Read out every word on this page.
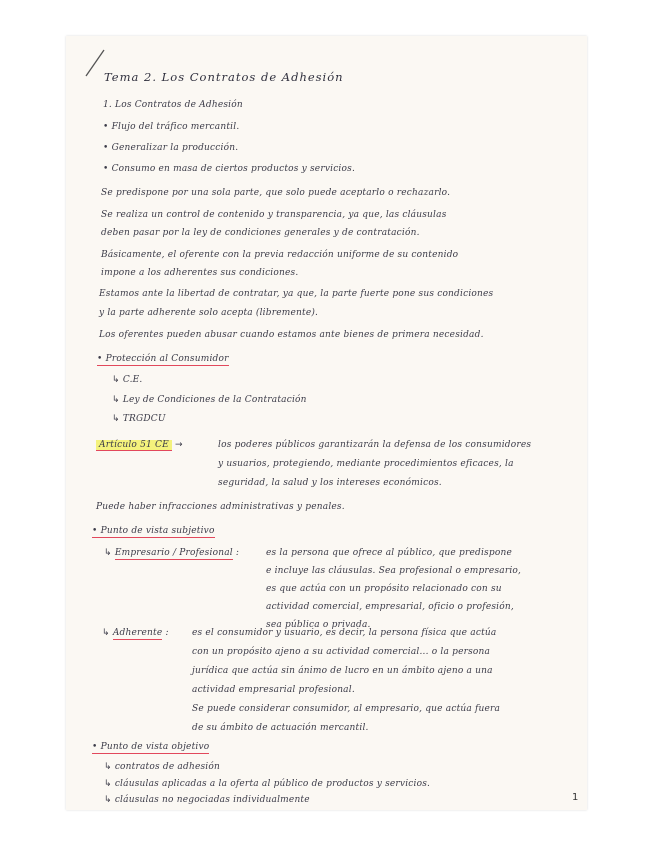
Tema 2. Los Contratos de Adhesión
1. Los Contratos de Adhesión
• Flujo del tráfico mercantil.
• Generalizar la producción.
• Consumo en masa de ciertos productos y servicios.
Se predispone por una sola parte, que solo puede aceptarlo o rechazarlo.
Se realiza un control de contenido y transparencia, ya que, las cláusulas
deben pasar por la ley de condiciones generales y de contratación.
Básicamente, el oferente con la previa redacción uniforme de su contenido
impone a los adherentes sus condiciones.
Estamos ante la libertad de contratar, ya que, la parte fuerte pone sus condiciones
y la parte adherente solo acepta (libremente).
Los oferentes pueden abusar cuando estamos ante bienes de primera necesidad.
• Protección al Consumidor
↳ C.E.
↳ Ley de Condiciones de la Contratación
↳ TRGDCU
Artículo 51 CE →	los poderes públicos garantizarán la defensa de los consumidores
y usuarios, protegiendo, mediante procedimientos eficaces, la
seguridad, la salud y los intereses económicos.
Puede haber infracciones administrativas y penales.
• Punto de vista subjetivo
↳ Empresario / Profesional :	es la persona que ofrece al público, que predispone
e incluye las cláusulas. Sea profesional o empresario,
es que actúa con un propósito relacionado con su
actividad comercial, empresarial, oficio o profesión,
sea pública o privada.
↳ Adherente :	es el consumidor y usuario, es decir, la persona física que actúa
con un propósito ajeno a su actividad comercial... o la persona
jurídica que actúa sin ánimo de lucro en un ámbito ajeno a una
actividad empresarial profesional.
Se puede considerar consumidor, al empresario, que actúa fuera
de su ámbito de actuación mercantil.
• Punto de vista objetivo
↳ contratos de adhesión
↳ cláusulas aplicadas a la oferta al público de productos y servicios.
↳ cláusulas no negociadas individualmente	1
